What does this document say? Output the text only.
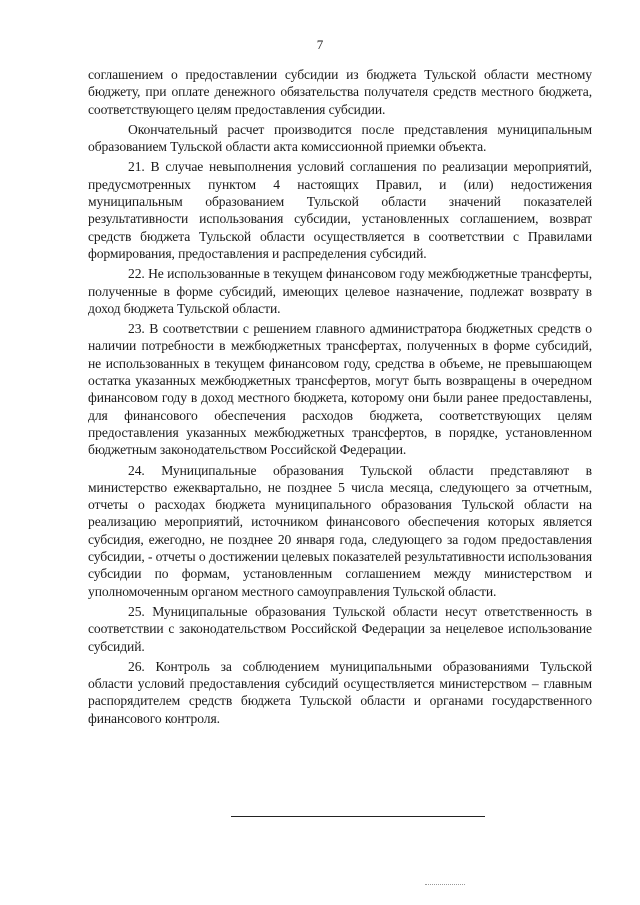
7

соглашением о предоставлении субсидии из бюджета Тульской области местному бюджету, при оплате денежного обязательства получателя средств местного бюджета, соответствующего целям предоставления субсидии.

Окончательный расчет производится после представления муниципальным образованием Тульской области акта комиссионной приемки объекта.

21. В случае невыполнения условий соглашения по реализации мероприятий, предусмотренных пунктом 4 настоящих Правил, и (или) недостижения муниципальным образованием Тульской области значений показателей результативности использования субсидии, установленных соглашением, возврат средств бюджета Тульской области осуществляется в соответствии с Правилами формирования, предоставления и распределения субсидий.

22. Не использованные в текущем финансовом году межбюджетные трансферты, полученные в форме субсидий, имеющих целевое назначение, подлежат возврату в доход бюджета Тульской области.

23. В соответствии с решением главного администратора бюджетных средств о наличии потребности в межбюджетных трансфертах, полученных в форме субсидий, не использованных в текущем финансовом году, средства в объеме, не превышающем остатка указанных межбюджетных трансфертов, могут быть возвращены в очередном финансовом году в доход местного бюджета, которому они были ранее предоставлены, для финансового обеспечения расходов бюджета, соответствующих целям предоставления указанных межбюджетных трансфертов, в порядке, установленном бюджетным законодательством Российской Федерации.

24. Муниципальные образования Тульской области представляют в министерство ежеквартально, не позднее 5 числа месяца, следующего за отчетным, отчеты о расходах бюджета муниципального образования Тульской области на реализацию мероприятий, источником финансового обеспечения которых является субсидия, ежегодно, не позднее 20 января года, следующего за годом предоставления субсидии, - отчеты о достижении целевых показателей результативности использования субсидии по формам, установленным соглашением между министерством и уполномоченным органом местного самоуправления Тульской области.

25. Муниципальные образования Тульской области несут ответственность в соответствии с законодательством Российской Федерации за нецелевое использование субсидий.

26. Контроль за соблюдением муниципальными образованиями Тульской области условий предоставления субсидий осуществляется министерством – главным распорядителем средств бюджета Тульской области и органами государственного финансового контроля.
